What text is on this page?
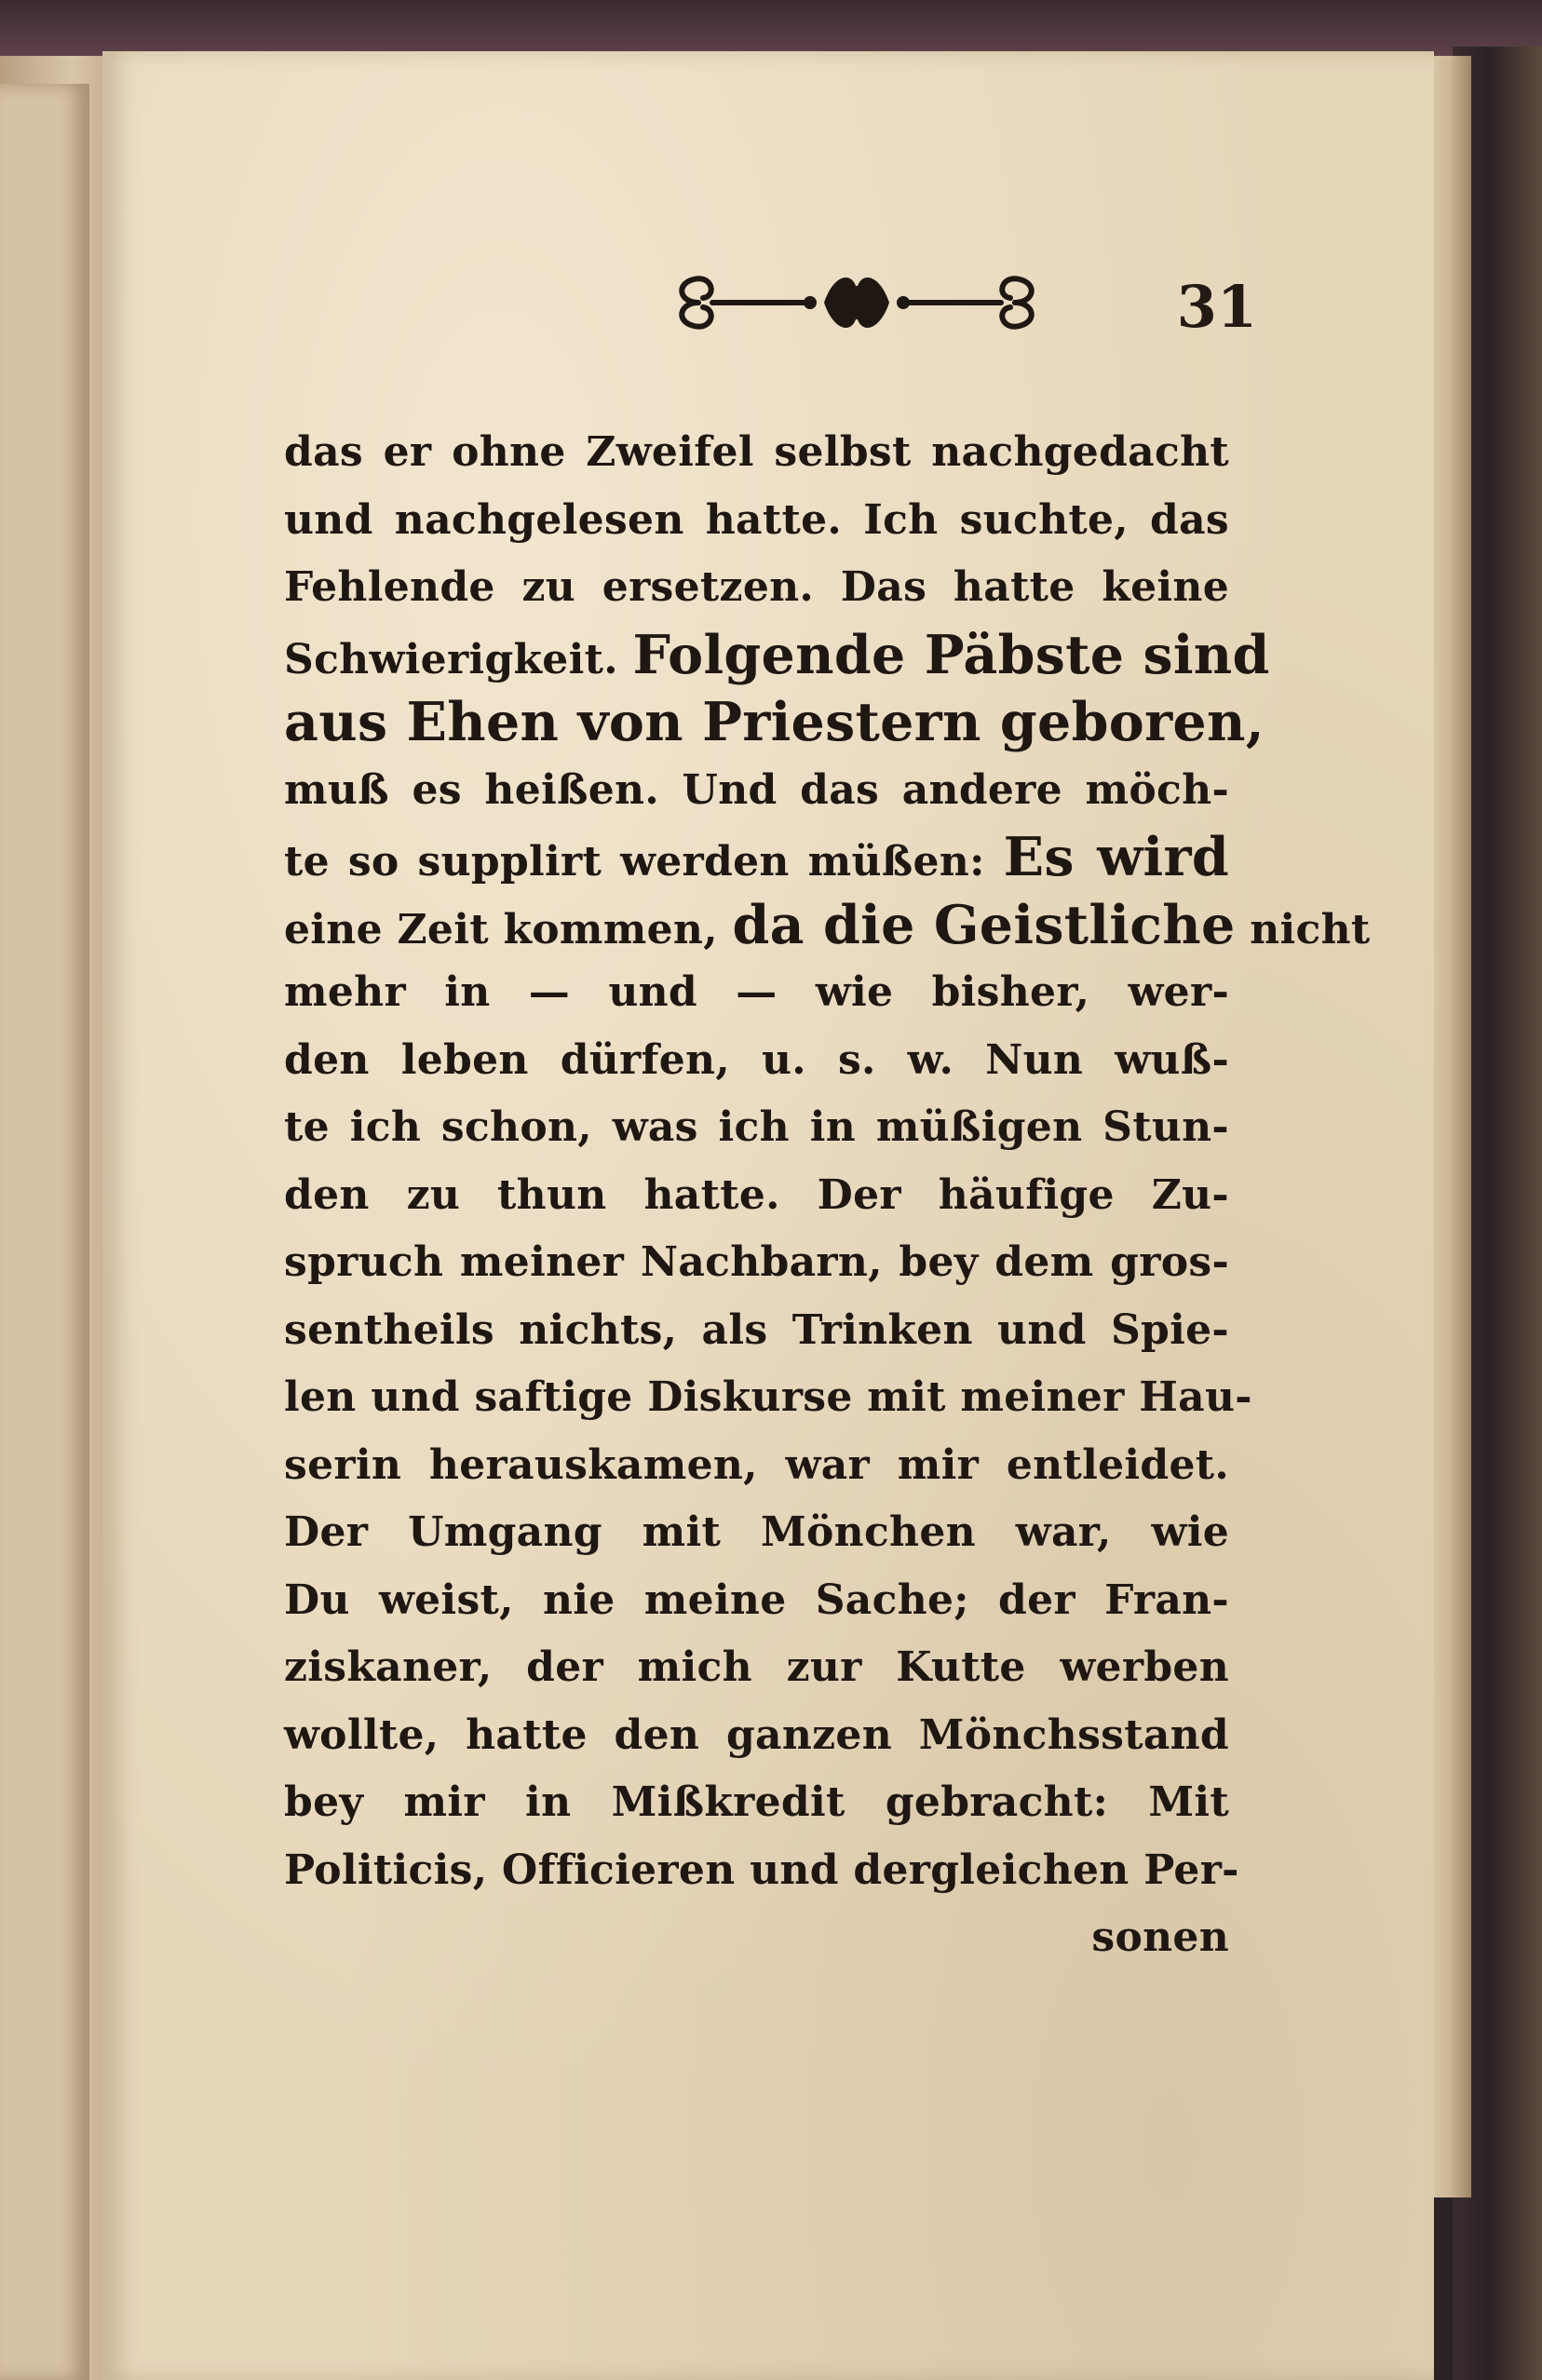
31
das er ohne Zweifel selbst nachgedacht
und nachgelesen hatte. Ich suchte, das
Fehlende zu ersetzen. Das hatte keine
Schwierigkeit. Folgende Päbste sind
aus Ehen von Priestern geboren,
muß es heißen. Und das andere möch-
te so supplirt werden müßen: Es wird
eine Zeit kommen, da die Geistliche nicht
mehr in — und — wie bisher, wer-
den leben dürfen, u. s. w. Nun wuß-
te ich schon, was ich in müßigen Stun-
den zu thun hatte. Der häufige Zu-
spruch meiner Nachbarn, bey dem gros-
sentheils nichts, als Trinken und Spie-
len und saftige Diskurse mit meiner Hau-
serin herauskamen, war mir entleidet.
Der Umgang mit Mönchen war, wie
Du weist, nie meine Sache; der Fran-
ziskaner, der mich zur Kutte werben
wollte, hatte den ganzen Mönchsstand
bey mir in Mißkredit gebracht: Mit
Politicis, Officieren und dergleichen Per-
sonen
